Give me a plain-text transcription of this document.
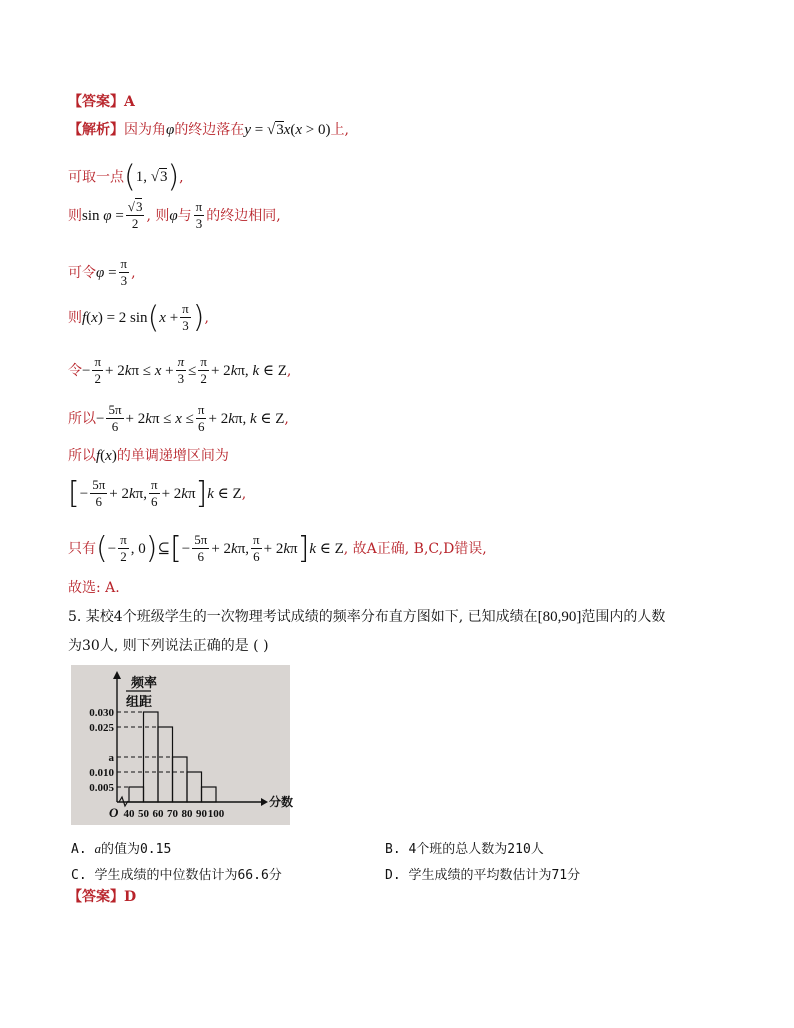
【答案】A
【解析】因为角φ的终边落在y = √3x(x > 0)上,
可取一点(1, √3),
则$\sin \varphi = \frac{√3}{2}$ , 则φ与 $\frac{\pi}{3}$ 的终边相同,
可令$\varphi = \frac{\pi}{3}$ ,
则f(x) = 2 $\sin(x + \frac{\pi}{3}$ ),
令− $\frac{\pi}{2} + 2k\pi \le x + \frac{\pi}{3} \le \frac{\pi}{2} + 2k\pi$, k ∈ Z,
所以− $\frac{5\pi}{6} + 2k\pi \le x \le \frac{\pi}{6} + 2k\pi$, k ∈ Z,
所以f(x)的单调递增区间为
[− $\frac{5\pi}{6} + 2k\pi$, $\frac{\pi}{6} + 2k\pi]k$ ∈ Z,
只有(− $\frac{\pi}{2}$ , 0)⊆[− $\frac{5\pi}{6} + 2k\pi$, $\frac{\pi}{6} + 2k\pi]k$ ∈ Z, 故A正确, B,C,D错误,
故选: A.
5. 某校4个班级学生的一次物理考试成绩的频率分布直方图如下, 已知成绩在[80,90]范围内的人数
为30人, 则下列说法正确的是 ( )
频率
组距
0.030
0.025
a
0.010
0.005
40 50 60 70 80 90 100
O
分数
A. a的值为0.15	B. 4个班的总人数为210人
C. 学生成绩的中位数估计为66.6分	D. 学生成绩的平均数估计为71分
【答案】D
